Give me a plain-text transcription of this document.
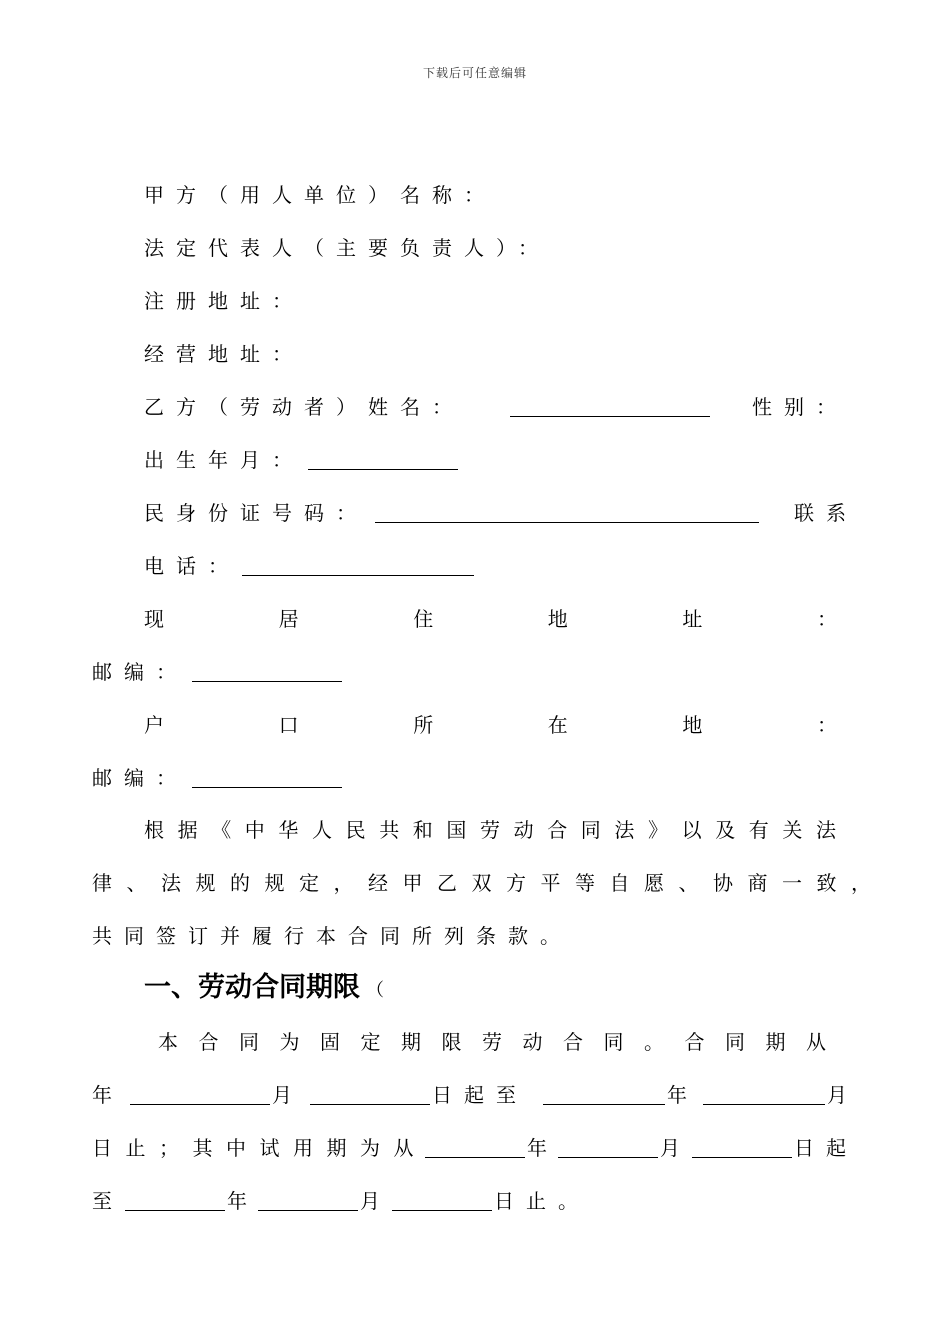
下载后可任意编辑
甲方（用人单位）名称：
法定代表人（主要负责人）：
注册地址：
经营地址：
乙方（劳动者）姓名：	性别：
出生年月：
民身份证号码：	联系
电话：
现	居	住	地	址	：
邮编：
户	口	所	在	地	：
邮编：
根据《中华人民共和国劳动合同法》以及有关法
律、法规的规定，经甲乙双方平等自愿、协商一致，
共同签订并履行本合同所列条款。
一、劳动合同期限 （
本合同为固定期限劳动合同。合同期从
年	月	日起至	年	月
日止；其中试用期为从	年	月	日起
至	年	月	日止。
